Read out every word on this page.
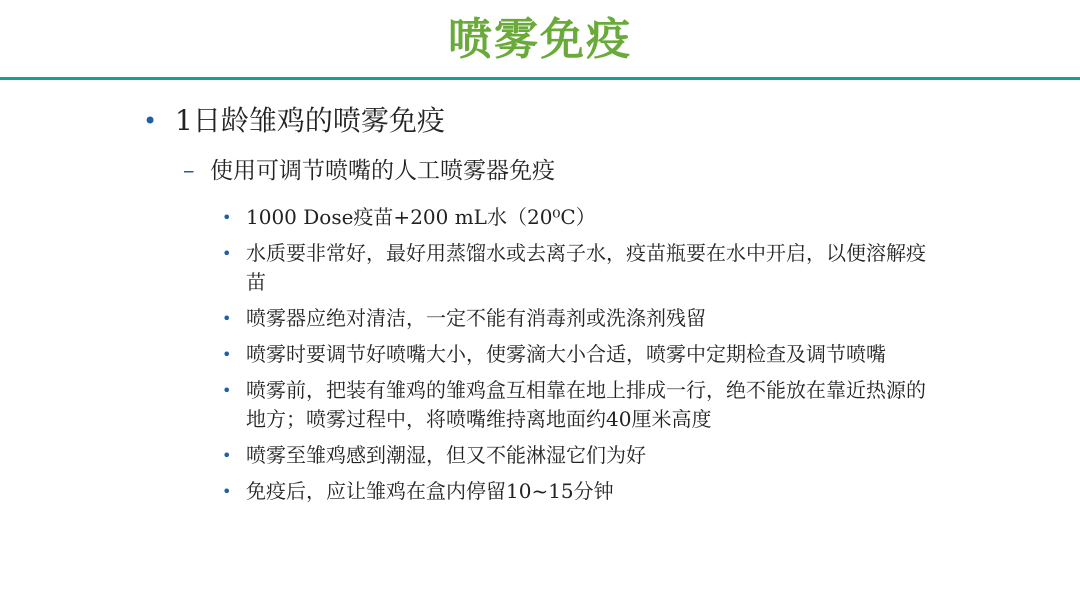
喷雾免疫
• 1日龄雏鸡的喷雾免疫
– 使用可调节喷嘴的人工喷雾器免疫
• 1000 Dose疫苗+200 mL水（20⁰C）
• 水质要非常好，最好用蒸馏水或去离子水，疫苗瓶要在水中开启，以便溶解疫苗
• 喷雾器应绝对清洁，一定不能有消毒剂或洗涤剂残留
• 喷雾时要调节好喷嘴大小，使雾滴大小合适，喷雾中定期检查及调节喷嘴
• 喷雾前，把装有雏鸡的雏鸡盒互相靠在地上排成一行，绝不能放在靠近热源的地方；喷雾过程中，将喷嘴维持离地面约40厘米高度
• 喷雾至雏鸡感到潮湿，但又不能淋湿它们为好
• 免疫后，应让雏鸡在盒内停留10~15分钟
